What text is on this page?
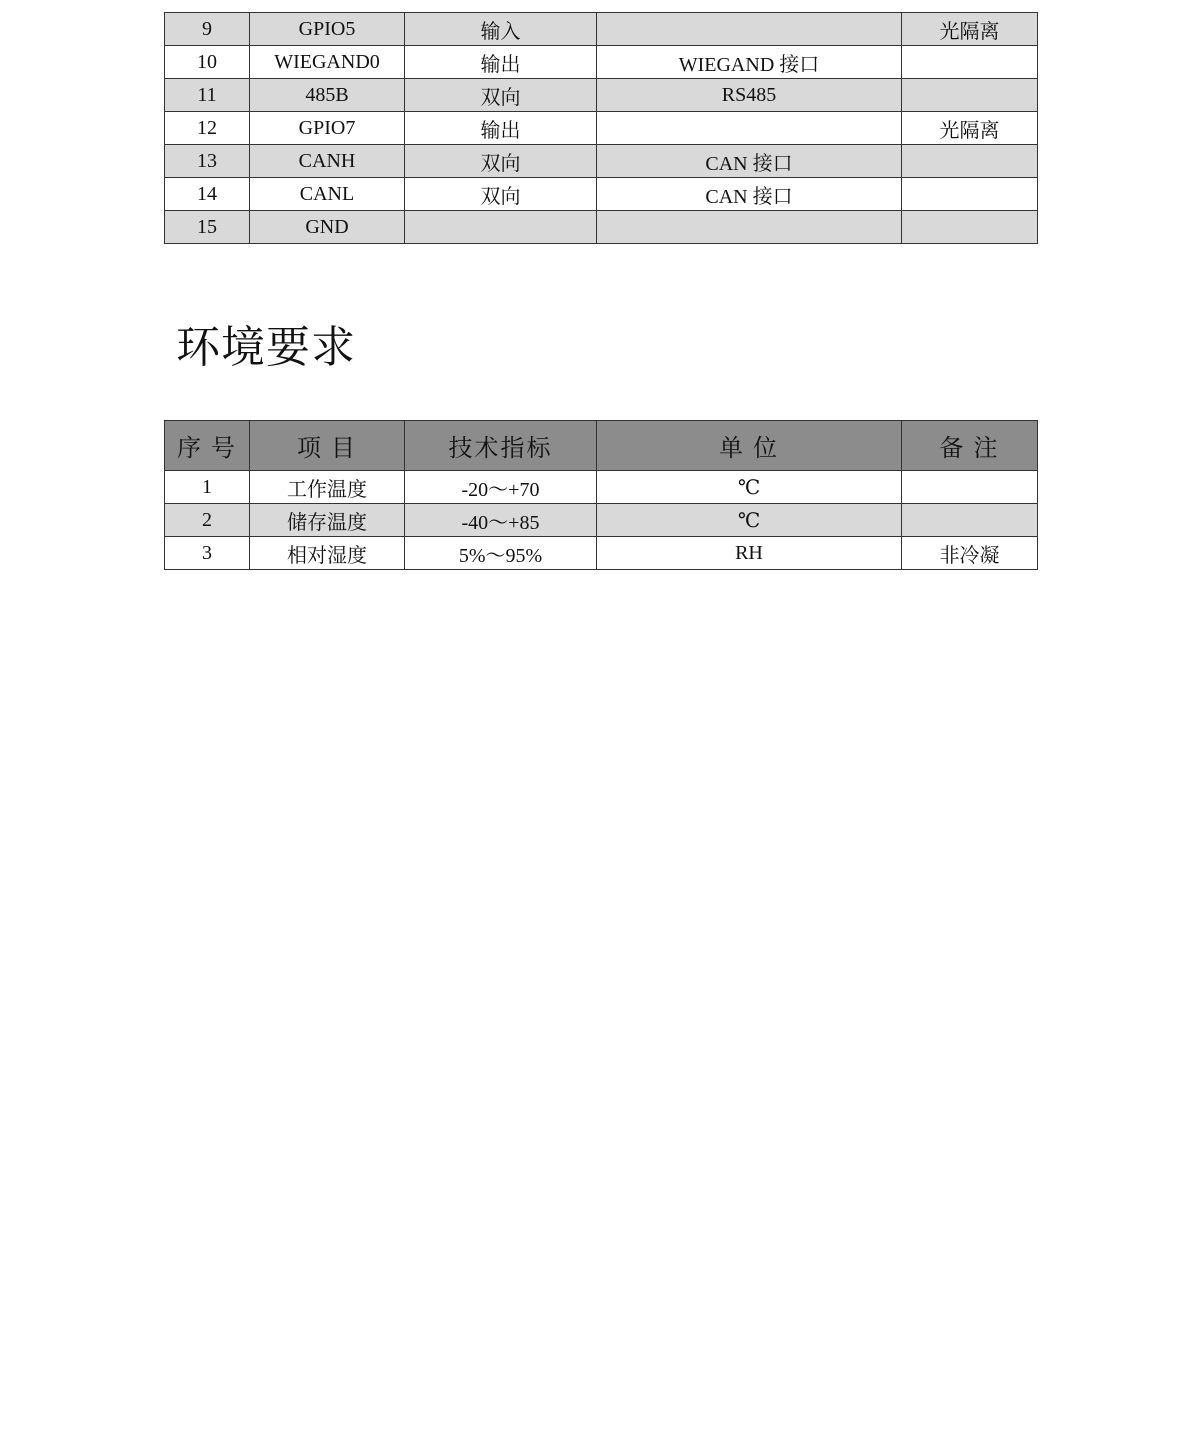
9	GPIO5	输入		光隔离
10	WIEGAND0	输出	WIEGAND 接口	
11	485B	双向	RS485	
12	GPIO7	输出		光隔离
13	CANH	双向	CAN 接口	
14	CANL	双向	CAN 接口	
15	GND			
环境要求
序 号	项 目	技术指标	单 位	备 注
1	工作温度	-20～+70	℃	
2	储存温度	-40～+85	℃	
3	相对湿度	5%～95%	RH	非冷凝
